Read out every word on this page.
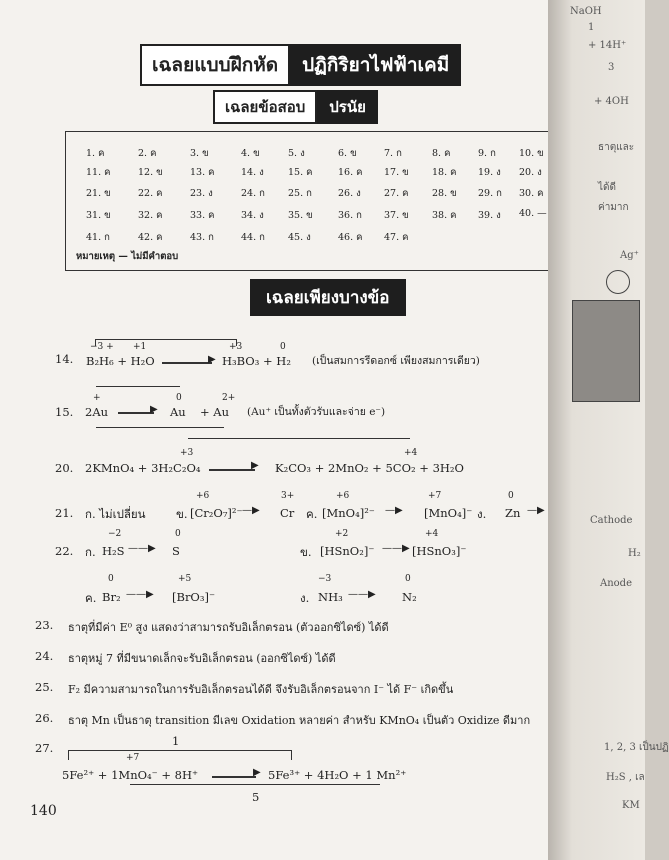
เฉลยแบบฝึกหัด	ปฏิกิริยาไฟฟ้าเคมี
เฉลยข้อสอบ	ปรนัย
หมายเหตุ — ไม่มีคำตอบ
1. ค	2. ค	3. ข	4. ข	5. ง	6. ข	7. ก	8. ค	9. ก 10. ข
11. ค	12. ข	13. ค	14. ง	15. ค	16. ค 17. ข 18. ค 19. ง 20. ง
21. ข	22. ค	23. ง	24. ก 25. ก	26. ง 27. ค 28. ข 29. ก 30. ค
31. ข	32. ค	33. ค	34. ง	35. ข	36. ก 37. ข 38. ค 39. ง 40. —
41. ก	42. ค	43. ก	44. ก 45. ง	46. ค 47. ค
เฉลยเพียงบางข้อ
14.
−3 + +1	+3	0
B₂H₆ + H₂O	▶ H₃BO₃ + H₂ (เป็นสมการรีดอกซ์ เพียงสมการเดียว)
15.
+	0	2+
2Au	▶ Au + Au (Au⁺ เป็นทั้งตัวรับและจ่าย e⁻)
20.
+3	+4
2KMnO₄ + 3H₂C₂O₄	▶ K₂CO₃ + 2MnO₂ + 5CO₂ + 3H₂O
21. ก. ไม่เปลี่ยน
+6	3+
ข. [Cr₂O₇]²⁻ —▶ Cr
+6	+7
ค. [MnO₄]²⁻ —▶ [MnO₄]⁻
0
ง. Zn —▶
22. ก.
−2	0
H₂S ——▶ S	ข.
+2	+4
[HSnO₂]⁻ ——▶ [HSnO₃]⁻
ค.
0	+5
Br₂ ——▶ [BrO₃]⁻	ง.
−3	0
NH₃ ——▶ N₂
23. ธาตุที่มีค่า E⁰ สูง แสดงว่าสามารถรับอิเล็กตรอน (ตัวออกซิไดซ์) ได้ดี
24. ธาตุหมู่ 7 ที่มีขนาดเล็กจะรับอิเล็กตรอน (ออกซิไดซ์) ได้ดี
25. F₂ มีความสามารถในการรับอิเล็กตรอนได้ดี จึงรับอิเล็กตรอนจาก I⁻ ได้ F⁻ เกิดขึ้น
26. ธาตุ Mn เป็นธาตุ transition มีเลข Oxidation หลายค่า สำหรับ KMnO₄ เป็นตัว Oxidize ดีมาก
27.	1
+7
5Fe²⁺ + 1MnO₄⁻ + 8H⁺	▶ 5Fe³⁺ + 4H₂O + 1 Mn²⁺
5
140
NaOH
1
+ 14H⁺
3
+ 4OH
ธาตุและ
ได้ดี
ค่ามาก
Ag⁺
Cathode
H₂
Anode
1, 2, 3 เป็นปฏิ
H₂S , เล
KM
